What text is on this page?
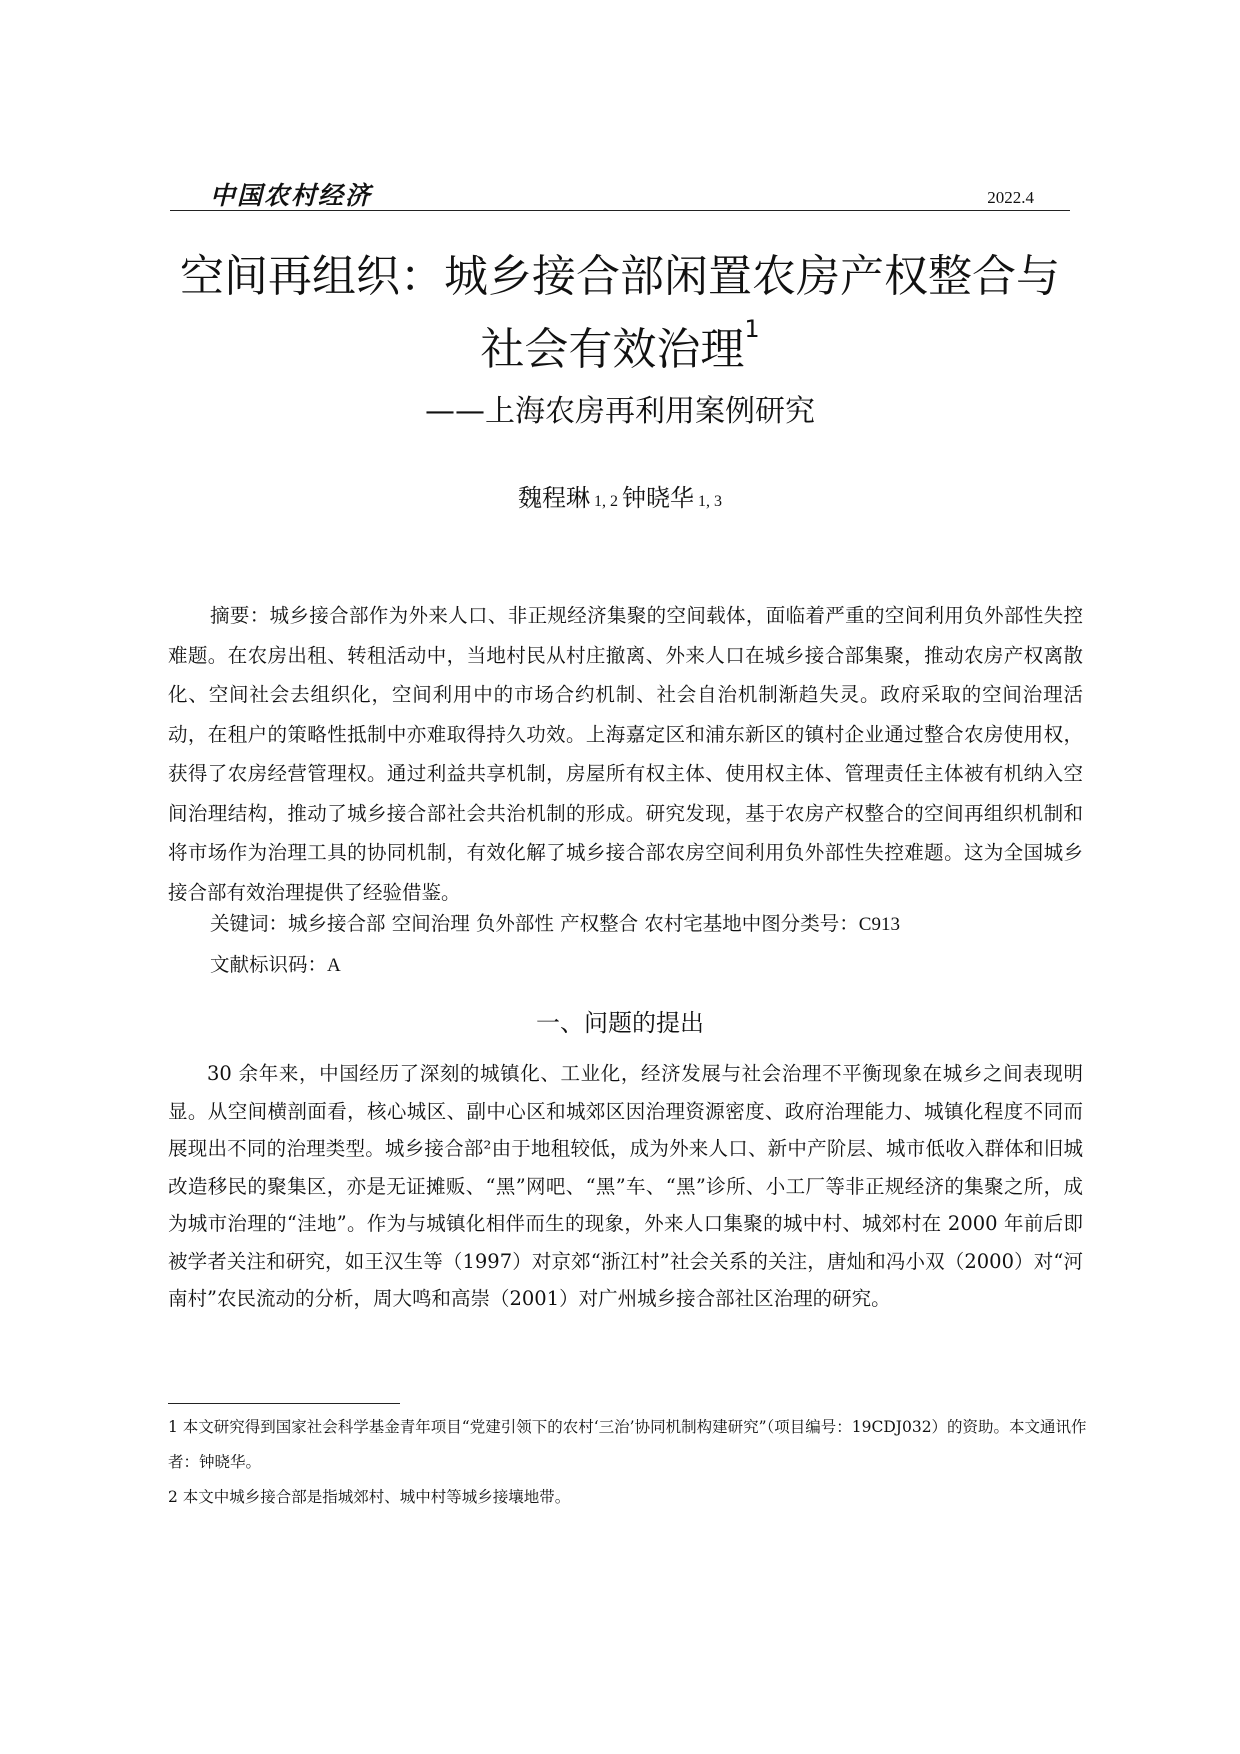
中国农村经济	2022.4
空间再组织：城乡接合部闲置农房产权整合与
社会有效治理$^1$
——上海农房再利用案例研究
魏程琳 1, 2 钟晓华 1, 3

摘要：城乡接合部作为外来人口、非正规经济集聚的空间载体，面临着严重的空间利用负外部性失控难题。在农房出租、转租活动中，当地村民从村庄撤离、外来人口在城乡接合部集聚，推动农房产权离散化、空间社会去组织化，空间利用中的市场合约机制、社会自治机制渐趋失灵。政府采取的空间治理活动，在租户的策略性抵制中亦难取得持久功效。上海嘉定区和浦东新区的镇村企业通过整合农房使用权，获得了农房经营管理权。通过利益共享机制，房屋所有权主体、使用权主体、管理责任主体被有机纳入空间治理结构，推动了城乡接合部社会共治机制的形成。研究发现，基于农房产权整合的空间再组织机制和将市场作为治理工具的协同机制，有效化解了城乡接合部农房空间利用负外部性失控难题。这为全国城乡接合部有效治理提供了经验借鉴。

关键词：城乡接合部 空间治理 负外部性 产权整合 农村宅基地中图分类号：C913
文献标识码：A
一、问题的提出

30 余年来，中国经历了深刻的城镇化、工业化，经济发展与社会治理不平衡现象在城乡之间表现明显。从空间横剖面看，核心城区、副中心区和城郊区因治理资源密度、政府治理能力、城镇化程度不同而展现出不同的治理类型。城乡接合部²由于地租较低，成为外来人口、新中产阶层、城市低收入群体和旧城改造移民的聚集区，亦是无证摊贩、“黑”网吧、“黑”车、“黑”诊所、小工厂等非正规经济的集聚之所，成为城市治理的“洼地”。作为与城镇化相伴而生的现象，外来人口集聚的城中村、城郊村在 2000 年前后即被学者关注和研究，如王汉生等（1997）对京郊“浙江村”社会关系的关注，唐灿和冯小双（2000）对“河南村”农民流动的分析，周大鸣和高崇（2001）对广州城乡接合部社区治理的研究。

1 本文研究得到国家社会科学基金青年项目“党建引领下的农村‘三治’协同机制构建研究”（项目编号：19CDJ032）的资助。本文通讯作者：钟晓华。

2 本文中城乡接合部是指城郊村、城中村等城乡接壤地带。
